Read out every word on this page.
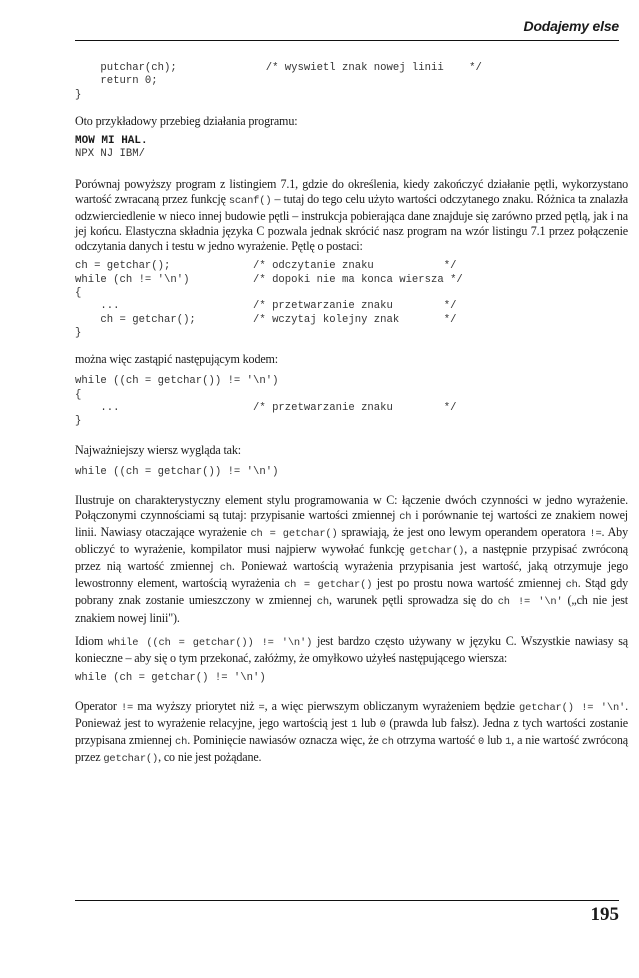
Dodajemy else
putchar(ch);              /* wyswietl znak nowej linii    */
return 0;
}

Oto przykładowy przebieg działania programu:

MOW MI HAL.

NPX NJ IBM/

Porównaj powyższy program z listingiem 7.1, gdzie do określenia, kiedy zakończyć działanie pętli, wykorzystano wartość zwracaną przez funkcję scanf() – tutaj do tego celu użyto wartości odczytanego znaku. Różnica ta znalazła odzwierciedlenie w nieco innej budowie pętli – instrukcja pobierająca dane znajduje się zarówno przed pętlą, jak i na jej końcu. Elastyczna składnia języka C pozwala jednak skrócić nasz program na wzór listingu 7.1 przez połączenie odczytania danych i testu w jedno wyrażenie. Pętlę o postaci:

ch = getchar();             /* odczytanie znaku           */
while (ch != '\n')          /* dopoki nie ma konca wiersza */
{
...                     /* przetwarzanie znaku        */
ch = getchar();         /* wczytaj kolejny znak       */
}

można więc zastąpić następującym kodem:

while ((ch = getchar()) != '\n')
{
...                     /* przetwarzanie znaku        */
}

Najważniejszy wiersz wygląda tak:

while ((ch = getchar()) != '\n')

Ilustruje on charakterystyczny element stylu programowania w C: łączenie dwóch czynności w jedno wyrażenie. Połączonymi czynnościami są tutaj: przypisanie wartości zmiennej ch i porównanie tej wartości ze znakiem nowej linii. Nawiasy otaczające wyrażenie ch = getchar() sprawiają, że jest ono lewym operandem operatora !=. Aby obliczyć to wyrażenie, kompilator musi najpierw wywołać funkcję getchar(), a następnie przypisać zwróconą przez nią wartość zmiennej ch. Ponieważ wartością wyrażenia przypisania jest wartość, jaką otrzymuje jego lewostronny element, wartością wyrażenia ch = getchar() jest po prostu nowa wartość zmiennej ch. Stąd gdy pobrany znak zostanie umieszczony w zmiennej ch, warunek pętli sprowadza się do ch != '\n' („ch nie jest znakiem nowej linii").

Idiom while ((ch = getchar()) != '\n') jest bardzo często używany w języku C. Wszystkie nawiasy są konieczne – aby się o tym przekonać, załóżmy, że omyłkowo użyłeś następującego wiersza:

while (ch = getchar() != '\n')

Operator != ma wyższy priorytet niż =, a więc pierwszym obliczanym wyrażeniem będzie getchar() != '\n'. Ponieważ jest to wyrażenie relacyjne, jego wartością jest 1 lub 0 (prawda lub fałsz). Jedna z tych wartości zostanie przypisana zmiennej ch. Pominięcie nawiasów oznacza więc, że ch otrzyma wartość 0 lub 1, a nie wartość zwróconą przez getchar(), co nie jest pożądane.

195
